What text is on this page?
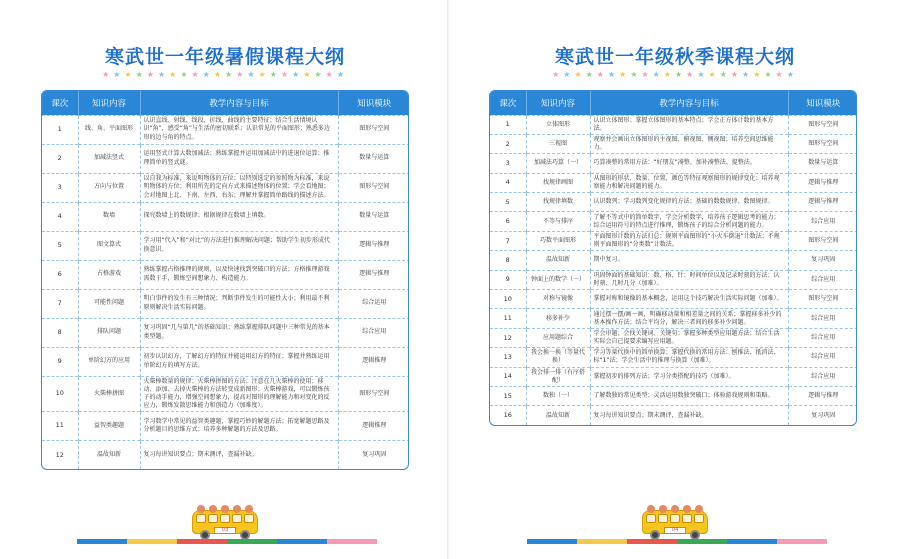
寒武世一年级暑假课程大纲
★★★★★★★★★★★★★★★★★★★★★★
课次	知识内容	教学内容与目标	知识模块
1	线、角、平面图形	认识直线、射线、线段、折线、曲线的主要特征；结合生活情境认识“角”，感受“角”与生活的密切联系；认识常见的平面图形；熟悉多边形的边与角的特点。	图形与空间
2	加减法竖式	运用竖式计算大数加减法；熟练掌握并运用加减法中的进退位运算；推理简单的竖式谜。	数量与运算
3	方向与位置	以自我为标准，来说明物体的方位；以特别选定的参照物为标准，来说明物体的方位；利用所先的定向方式来描述物体的位置；学会看地图；会对地图上北、下南、左西、右东；理解并掌握简单路线的描述方法。	图形与空间
4	数墙	探究数墙上的数规律；根据规律在数墙上填数。	数量与运算
5	图文算式	学习用“代入”和“对比”的方法进行推理解决问题；帮助学生初步形成代换意识。	逻辑与推理
6	占格游戏	熟练掌握占格推理的规则，以及快速找到突破口的方法；方格推理游戏需数于手，锻炼空间想象力、构造能力。	逻辑与推理
7	可能性问题	明白事件的发生有三种情况；判断事件发生的可能性大小；利用最不利原则解决生活实际问题。	综合运用
8	排队问题	复习巩固“几与第几”的基础知识；熟练掌握排队问题中三种常见的基本类型题。	综合应用
9	单阶幻方的应用	初步认识幻方，了解幻方的特征并能运用幻方的特征；掌握并熟练运用单阶幻方的填写方法。	逻辑推理
10	火柴棒拼图	火柴棒数量的规律；火柴棒拼图的方法；注意在几火柴棒的使用；移动、添加、去掉火柴棒的方法转变成新图形；火柴棒游戏，可以锻炼孩子的动手能力，增强空间想象力，提高对图形的理解能力和对变化的反应力，锻炼发散思维能力和创造力（加难度）。	图形与空间
11	益智类趣题	学习数学中常见的益智类趣题，掌握巧妙的解题方法；拓宽解题思路及分析题目的思维方式；培养多种解题的方法及思路。	逻辑推理
12	温故知新	复习每讲知识要点；期末测评，查漏补缺。	复习巩固
03
寒武世一年级秋季课程大纲
★★★★★★★★★★★★★★★★★★★★★★
课次	知识内容	教学内容与目标	知识模块
1	立体图形	认识立体图形；掌握立体图形的基本特点；学会正方体计数的基本方法。	图形与空间
2	三视图	观察并会画出立体图形的主视图、俯视图、侧视图；培养空间思维能力。	图形与空间
3	加减法巧算（一）	巧算凑整的常用方法：“好朋友”凑整、加补凑整法、提整法。	数量与运算
4	找规律画图	从图形的形状、数量、位置、颜色等特征观察图形的规律变化；培养观察能力和解决问题的能力。	逻辑与推理
5	找规律填数	认识数列；学习数列变化规律的方法；基础的数数规律、数图规律。	逻辑与推理
6	不等与排序	了解不等式中的简单数字，学会分析数字，培养孩子逻辑思考的能力；综合运用符号的特点进行推理，锻炼孩子的综合分析问题的能力。	综合应用
7	巧数平面图形	平面图形计数的方法归总；规则平面图形的“小火车倒退”计数法；不规则平面图形的“分类数”计数法。	图形与空间
8	温故知新	期中复习。	复习巩固
9	钟面上的数学（一）	巩固钟面的基础知识：数、格、针；时间单位以及记录时刻的方法；认时刻、几时几分（加难）。	综合应用
10	对称与镜像	掌握对称和镜像的基本概念，运用这个技巧解决生活实际问题（加难）。	图形与空间
11	移多补少	通过摆一摆/画一画，明确移动量和相差量之间的关系；掌握移多补少的基本操作方法；结合平均分，解决三者间的移多补少问题。	综合应用
12	应用题综合	学会审题、会找关键词、关键句；掌握多种类型应用题方法；结合生活实际会自己提要求编写应用题。	综合应用
13	我会换一换（等量代换）	学习等量代换中的简单换算；掌握代换的常用方法：刨推法、抵消法、标“1”法；学会生活中的推理与换算（加难）。	综合应用
14	我会排一排（有序搭配）	掌握初步的排列方法；学习分类搭配的技巧（加难）。	综合应用
15	数独（一）	了解数独的常见类型；灵活运用数独突破口；体验游戏规则和策略。	逻辑与推理
16	温故知新	复习每讲知识要点；期末测评，查漏补缺。	复习巩固
04
